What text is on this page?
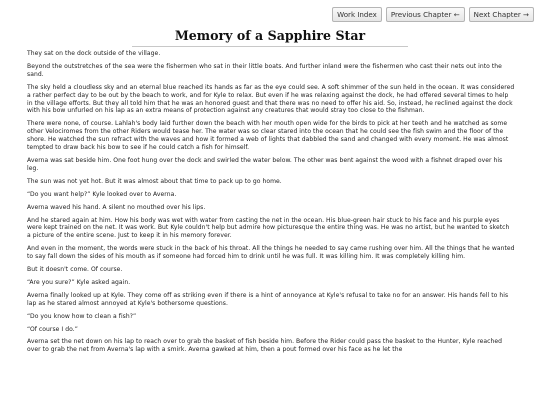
Work Index	Previous Chapter ←	Next Chapter →
Memory of a Sapphire Star

They sat on the dock outside of the village.

Beyond the outstretches of the sea were the fishermen who sat in their little boats. And further inland were the fishermen who cast their nets out into the sand.

The sky held a cloudless sky and an eternal blue reached its hands as far as the eye could see. A soft shimmer of the sun held in the ocean. It was considered a rather perfect day to be out by the beach to work, and for Kyle to relax. But even if he was relaxing against the dock, he had offered several times to help in the village efforts. But they all told him that he was an honored guest and that there was no need to offer his aid. So, instead, he reclined against the dock with his bow unfurled on his lap as an extra means of protection against any creatures that would stray too close to the fishman.

There were none, of course. Lahlah's body laid further down the beach with her mouth open wide for the birds to pick at her teeth and he watched as some other Velociromes from the other Riders would tease her. The water was so clear stared into the ocean that he could see the fish swim and the floor of the shore. He watched the sun refract with the waves and how it formed a web of lights that dabbled the sand and changed with every moment. He was almost tempted to draw back his bow to see if he could catch a fish for himself.

Averna was sat beside him. One foot hung over the dock and swirled the water below. The other was bent against the wood with a fishnet draped over his leg.

The sun was not yet hot. But it was almost about that time to pack up to go home.

“Do you want help?” Kyle looked over to Averna.

Averna waved his hand. A silent no mouthed over his lips.

And he stared again at him. How his body was wet with water from casting the net in the ocean. His blue-green hair stuck to his face and his purple eyes were kept trained on the net. It was work. But Kyle couldn't help but admire how picturesque the entire thing was. He was no artist, but he wanted to sketch a picture of the entire scene. Just to keep it in his memory forever.

And even in the moment, the words were stuck in the back of his throat. All the things he needed to say came rushing over him. All the things that he wanted to say fall down the sides of his mouth as if someone had forced him to drink until he was full. It was killing him. It was completely killing him.

But it doesn't come. Of course.

“Are you sure?” Kyle asked again.

Averna finally looked up at Kyle. They come off as striking even if there is a hint of annoyance at Kyle's refusal to take no for an answer. His hands fell to his lap as he stared almost annoyed at Kyle's bothersome questions.

“Do you know how to clean a fish?”

“Of course I do.”

Averna set the net down on his lap to reach over to grab the basket of fish beside him. Before the Rider could pass the basket to the Hunter, Kyle reached over to grab the net from Averna's lap with a smirk. Averna gawked at him, then a pout formed over his face as he let the
